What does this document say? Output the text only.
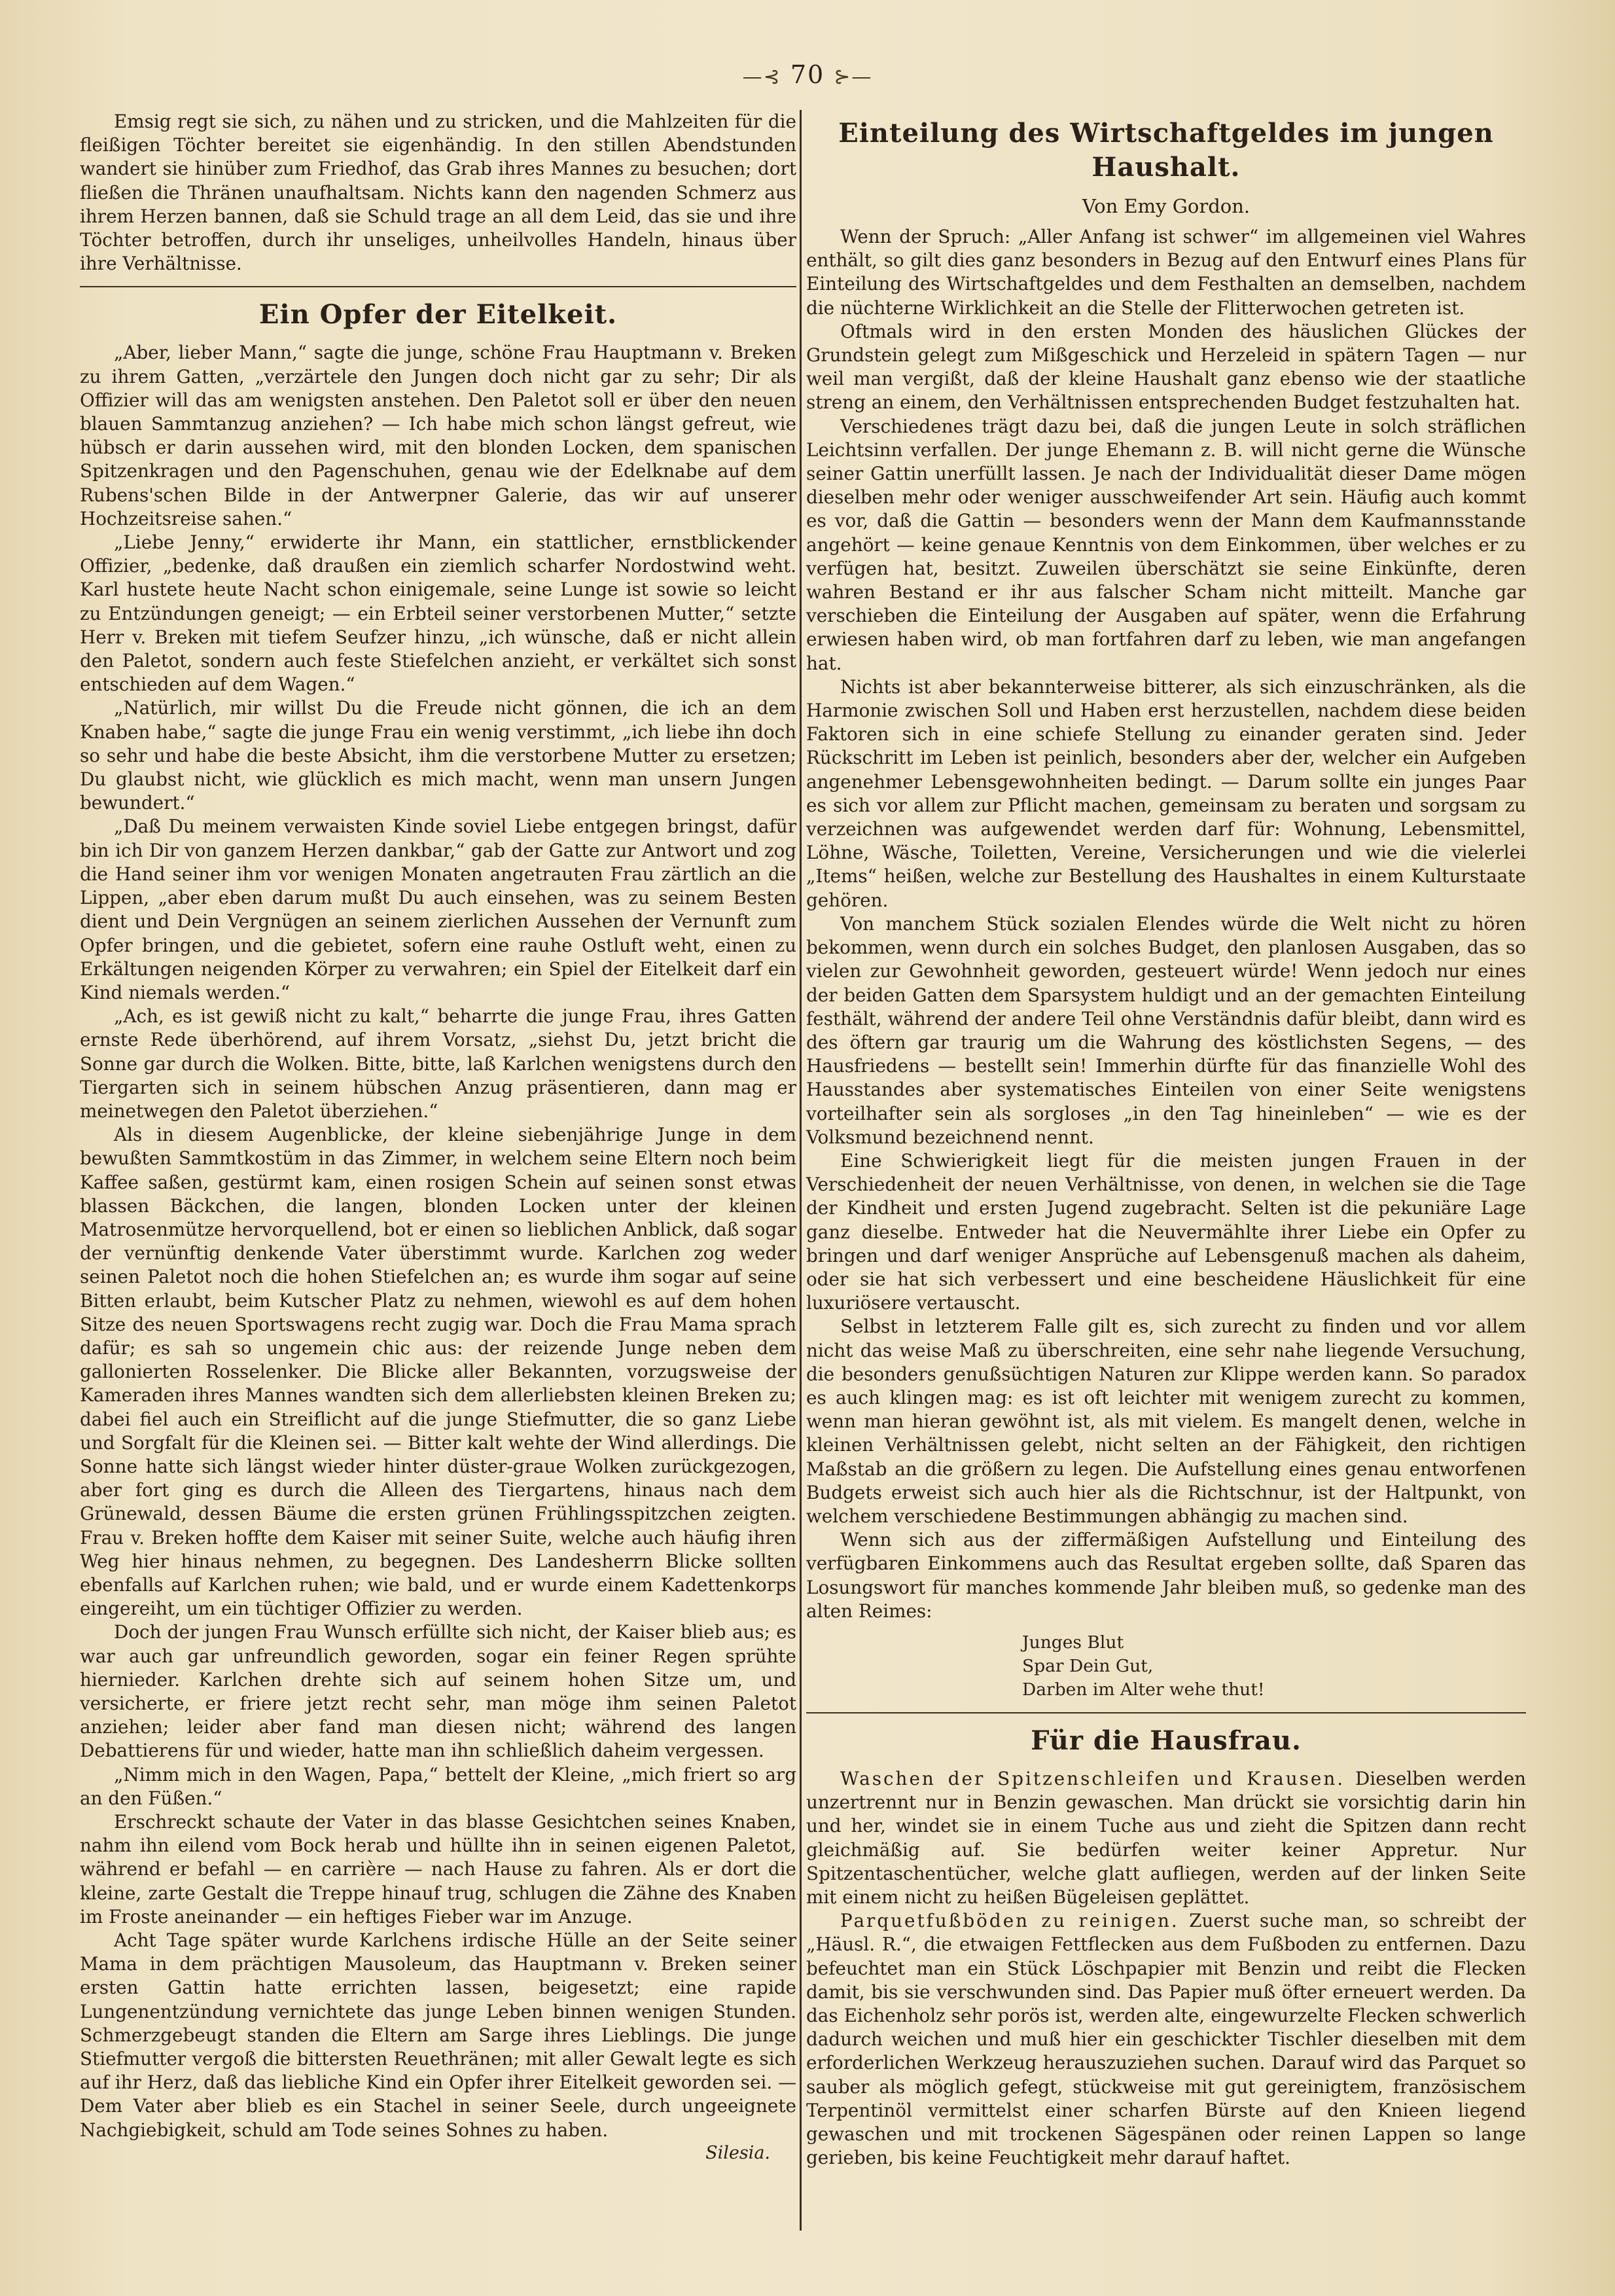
—⊰ 70 ⊱—

Emsig regt sie sich, zu nähen und zu stricken, und die Mahlzeiten für die fleißigen Töchter bereitet sie eigenhändig. In den stillen Abendstunden wandert sie hinüber zum Friedhof, das Grab ihres Mannes zu besuchen; dort fließen die Thränen unaufhaltsam. Nichts kann den nagenden Schmerz aus ihrem Herzen bannen, daß sie Schuld trage an all dem Leid, das sie und ihre Töchter betroffen, durch ihr unseliges, unheilvolles Handeln, hinaus über ihre Verhältnisse.

Ein Opfer der Eitelkeit.

„Aber, lieber Mann,“ sagte die junge, schöne Frau Hauptmann v. Breken zu ihrem Gatten, „verzärtele den Jungen doch nicht gar zu sehr; Dir als Offizier will das am wenigsten anstehen. Den Paletot soll er über den neuen blauen Sammtanzug anziehen? — Ich habe mich schon längst gefreut, wie hübsch er darin aussehen wird, mit den blonden Locken, dem spanischen Spitzenkragen und den Pagenschuhen, genau wie der Edelknabe auf dem Rubens'schen Bilde in der Antwerpner Galerie, das wir auf unserer Hochzeitsreise sahen.“

„Liebe Jenny,“ erwiderte ihr Mann, ein stattlicher, ernstblickender Offizier, „bedenke, daß draußen ein ziemlich scharfer Nordostwind weht. Karl hustete heute Nacht schon einigemale, seine Lunge ist sowie so leicht zu Entzündungen geneigt; — ein Erbteil seiner verstorbenen Mutter,“ setzte Herr v. Breken mit tiefem Seufzer hinzu, „ich wünsche, daß er nicht allein den Paletot, sondern auch feste Stiefelchen anzieht, er verkältet sich sonst entschieden auf dem Wagen.“

„Natürlich, mir willst Du die Freude nicht gönnen, die ich an dem Knaben habe,“ sagte die junge Frau ein wenig verstimmt, „ich liebe ihn doch so sehr und habe die beste Absicht, ihm die verstorbene Mutter zu ersetzen; Du glaubst nicht, wie glücklich es mich macht, wenn man unsern Jungen bewundert.“

„Daß Du meinem verwaisten Kinde soviel Liebe entgegen bringst, dafür bin ich Dir von ganzem Herzen dankbar,“ gab der Gatte zur Antwort und zog die Hand seiner ihm vor wenigen Monaten angetrauten Frau zärtlich an die Lippen, „aber eben darum mußt Du auch einsehen, was zu seinem Besten dient und Dein Vergnügen an seinem zierlichen Aussehen der Vernunft zum Opfer bringen, und die gebietet, sofern eine rauhe Ostluft weht, einen zu Erkältungen neigenden Körper zu verwahren; ein Spiel der Eitelkeit darf ein Kind niemals werden.“

„Ach, es ist gewiß nicht zu kalt,“ beharrte die junge Frau, ihres Gatten ernste Rede überhörend, auf ihrem Vorsatz, „siehst Du, jetzt bricht die Sonne gar durch die Wolken. Bitte, bitte, laß Karlchen wenigstens durch den Tiergarten sich in seinem hübschen Anzug präsentieren, dann mag er meinetwegen den Paletot überziehen.“

Als in diesem Augenblicke, der kleine siebenjährige Junge in dem bewußten Sammtkostüm in das Zimmer, in welchem seine Eltern noch beim Kaffee saßen, gestürmt kam, einen rosigen Schein auf seinen sonst etwas blassen Bäckchen, die langen, blonden Locken unter der kleinen Matrosenmütze hervorquellend, bot er einen so lieblichen Anblick, daß sogar der vernünftig denkende Vater überstimmt wurde. Karlchen zog weder seinen Paletot noch die hohen Stiefelchen an; es wurde ihm sogar auf seine Bitten erlaubt, beim Kutscher Platz zu nehmen, wiewohl es auf dem hohen Sitze des neuen Sportswagens recht zugig war. Doch die Frau Mama sprach dafür; es sah so ungemein chic aus: der reizende Junge neben dem gallonierten Rosselenker. Die Blicke aller Bekannten, vorzugsweise der Kameraden ihres Mannes wandten sich dem allerliebsten kleinen Breken zu; dabei fiel auch ein Streiflicht auf die junge Stiefmutter, die so ganz Liebe und Sorgfalt für die Kleinen sei. — Bitter kalt wehte der Wind allerdings. Die Sonne hatte sich längst wieder hinter düster-graue Wolken zurückgezogen, aber fort ging es durch die Alleen des Tiergartens, hinaus nach dem Grünewald, dessen Bäume die ersten grünen Frühlingsspitzchen zeigten. Frau v. Breken hoffte dem Kaiser mit seiner Suite, welche auch häufig ihren Weg hier hinaus nehmen, zu begegnen. Des Landesherrn Blicke sollten ebenfalls auf Karlchen ruhen; wie bald, und er wurde einem Kadettenkorps eingereiht, um ein tüchtiger Offizier zu werden.

Doch der jungen Frau Wunsch erfüllte sich nicht, der Kaiser blieb aus; es war auch gar unfreundlich geworden, sogar ein feiner Regen sprühte hiernieder. Karlchen drehte sich auf seinem hohen Sitze um, und versicherte, er friere jetzt recht sehr, man möge ihm seinen Paletot anziehen; leider aber fand man diesen nicht; während des langen Debattierens für und wieder, hatte man ihn schließlich daheim vergessen.

„Nimm mich in den Wagen, Papa,“ bettelt der Kleine, „mich friert so arg an den Füßen.“

Erschreckt schaute der Vater in das blasse Gesichtchen seines Knaben, nahm ihn eilend vom Bock herab und hüllte ihn in seinen eigenen Paletot, während er befahl — en carrière — nach Hause zu fahren. Als er dort die kleine, zarte Gestalt die Treppe hinauf trug, schlugen die Zähne des Knaben im Froste aneinander — ein heftiges Fieber war im Anzuge.

Acht Tage später wurde Karlchens irdische Hülle an der Seite seiner Mama in dem prächtigen Mausoleum, das Hauptmann v. Breken seiner ersten Gattin hatte errichten lassen, beigesetzt; eine rapide Lungenentzündung vernichtete das junge Leben binnen wenigen Stunden. Schmerzgebeugt standen die Eltern am Sarge ihres Lieblings. Die junge Stiefmutter vergoß die bittersten Reuethränen; mit aller Gewalt legte es sich auf ihr Herz, daß das liebliche Kind ein Opfer ihrer Eitelkeit geworden sei. — Dem Vater aber blieb es ein Stachel in seiner Seele, durch ungeeignete Nachgiebigkeit, schuld am Tode seines Sohnes zu haben.

Silesia.
Einteilung des Wirtschaftgeldes im jungen Haushalt.
Von Emy Gordon.

Wenn der Spruch: „Aller Anfang ist schwer“ im allgemeinen viel Wahres enthält, so gilt dies ganz besonders in Bezug auf den Entwurf eines Plans für Einteilung des Wirtschaftgeldes und dem Festhalten an demselben, nachdem die nüchterne Wirklichkeit an die Stelle der Flitterwochen getreten ist.

Oftmals wird in den ersten Monden des häuslichen Glückes der Grundstein gelegt zum Mißgeschick und Herzeleid in spätern Tagen — nur weil man vergißt, daß der kleine Haushalt ganz ebenso wie der staatliche streng an einem, den Verhältnissen entsprechenden Budget festzuhalten hat.

Verschiedenes trägt dazu bei, daß die jungen Leute in solch sträflichen Leichtsinn verfallen. Der junge Ehemann z. B. will nicht gerne die Wünsche seiner Gattin unerfüllt lassen. Je nach der Individualität dieser Dame mögen dieselben mehr oder weniger ausschweifender Art sein. Häufig auch kommt es vor, daß die Gattin — besonders wenn der Mann dem Kaufmannsstande angehört — keine genaue Kenntnis von dem Einkommen, über welches er zu verfügen hat, besitzt. Zuweilen überschätzt sie seine Einkünfte, deren wahren Bestand er ihr aus falscher Scham nicht mitteilt. Manche gar verschieben die Einteilung der Ausgaben auf später, wenn die Erfahrung erwiesen haben wird, ob man fortfahren darf zu leben, wie man angefangen hat.

Nichts ist aber bekannterweise bitterer, als sich einzuschränken, als die Harmonie zwischen Soll und Haben erst herzustellen, nachdem diese beiden Faktoren sich in eine schiefe Stellung zu einander geraten sind. Jeder Rückschritt im Leben ist peinlich, besonders aber der, welcher ein Aufgeben angenehmer Lebensgewohnheiten bedingt. — Darum sollte ein junges Paar es sich vor allem zur Pflicht machen, gemeinsam zu beraten und sorgsam zu verzeichnen was aufgewendet werden darf für: Wohnung, Lebensmittel, Löhne, Wäsche, Toiletten, Vereine, Versicherungen und wie die vielerlei „Items“ heißen, welche zur Bestellung des Haushaltes in einem Kulturstaate gehören.

Von manchem Stück sozialen Elendes würde die Welt nicht zu hören bekommen, wenn durch ein solches Budget, den planlosen Ausgaben, das so vielen zur Gewohnheit geworden, gesteuert würde! Wenn jedoch nur eines der beiden Gatten dem Sparsystem huldigt und an der gemachten Einteilung festhält, während der andere Teil ohne Verständnis dafür bleibt, dann wird es des öftern gar traurig um die Wahrung des köstlichsten Segens, — des Hausfriedens — bestellt sein! Immerhin dürfte für das finanzielle Wohl des Hausstandes aber systematisches Einteilen von einer Seite wenigstens vorteilhafter sein als sorgloses „in den Tag hineinleben“ — wie es der Volksmund bezeichnend nennt.

Eine Schwierigkeit liegt für die meisten jungen Frauen in der Verschiedenheit der neuen Verhältnisse, von denen, in welchen sie die Tage der Kindheit und ersten Jugend zugebracht. Selten ist die pekuniäre Lage ganz dieselbe. Entweder hat die Neuvermählte ihrer Liebe ein Opfer zu bringen und darf weniger Ansprüche auf Lebensgenuß machen als daheim, oder sie hat sich verbessert und eine bescheidene Häuslichkeit für eine luxuriösere vertauscht.

Selbst in letzterem Falle gilt es, sich zurecht zu finden und vor allem nicht das weise Maß zu überschreiten, eine sehr nahe liegende Versuchung, die besonders genußsüchtigen Naturen zur Klippe werden kann. So paradox es auch klingen mag: es ist oft leichter mit wenigem zurecht zu kommen, wenn man hieran gewöhnt ist, als mit vielem. Es mangelt denen, welche in kleinen Verhältnissen gelebt, nicht selten an der Fähigkeit, den richtigen Maßstab an die größern zu legen. Die Aufstellung eines genau entworfenen Budgets erweist sich auch hier als die Richtschnur, ist der Haltpunkt, von welchem verschiedene Bestimmungen abhängig zu machen sind.

Wenn sich aus der ziffermäßigen Aufstellung und Einteilung des verfügbaren Einkommens auch das Resultat ergeben sollte, daß Sparen das Losungswort für manches kommende Jahr bleiben muß, so gedenke man des alten Reimes:

Junges Blut
Spar Dein Gut,
Darben im Alter wehe thut!
Für die Hausfrau.

Waschen der Spitzenschleifen und Krausen. Dieselben werden unzertrennt nur in Benzin gewaschen. Man drückt sie vorsichtig darin hin und her, windet sie in einem Tuche aus und zieht die Spitzen dann recht gleichmäßig auf. Sie bedürfen weiter keiner Appretur. Nur Spitzentaschentücher, welche glatt aufliegen, werden auf der linken Seite mit einem nicht zu heißen Bügeleisen geplättet.

Parquetfußböden zu reinigen. Zuerst suche man, so schreibt der „Häusl. R.“, die etwaigen Fettflecken aus dem Fußboden zu entfernen. Dazu befeuchtet man ein Stück Löschpapier mit Benzin und reibt die Flecken damit, bis sie verschwunden sind. Das Papier muß öfter erneuert werden. Da das Eichenholz sehr porös ist, werden alte, eingewurzelte Flecken schwerlich dadurch weichen und muß hier ein geschickter Tischler dieselben mit dem erforderlichen Werkzeug herauszuziehen suchen. Darauf wird das Parquet so sauber als möglich gefegt, stückweise mit gut gereinigtem, französischem Terpentinöl vermittelst einer scharfen Bürste auf den Knieen liegend gewaschen und mit trockenen Sägespänen oder reinen Lappen so lange gerieben, bis keine Feuchtigkeit mehr darauf haftet.
